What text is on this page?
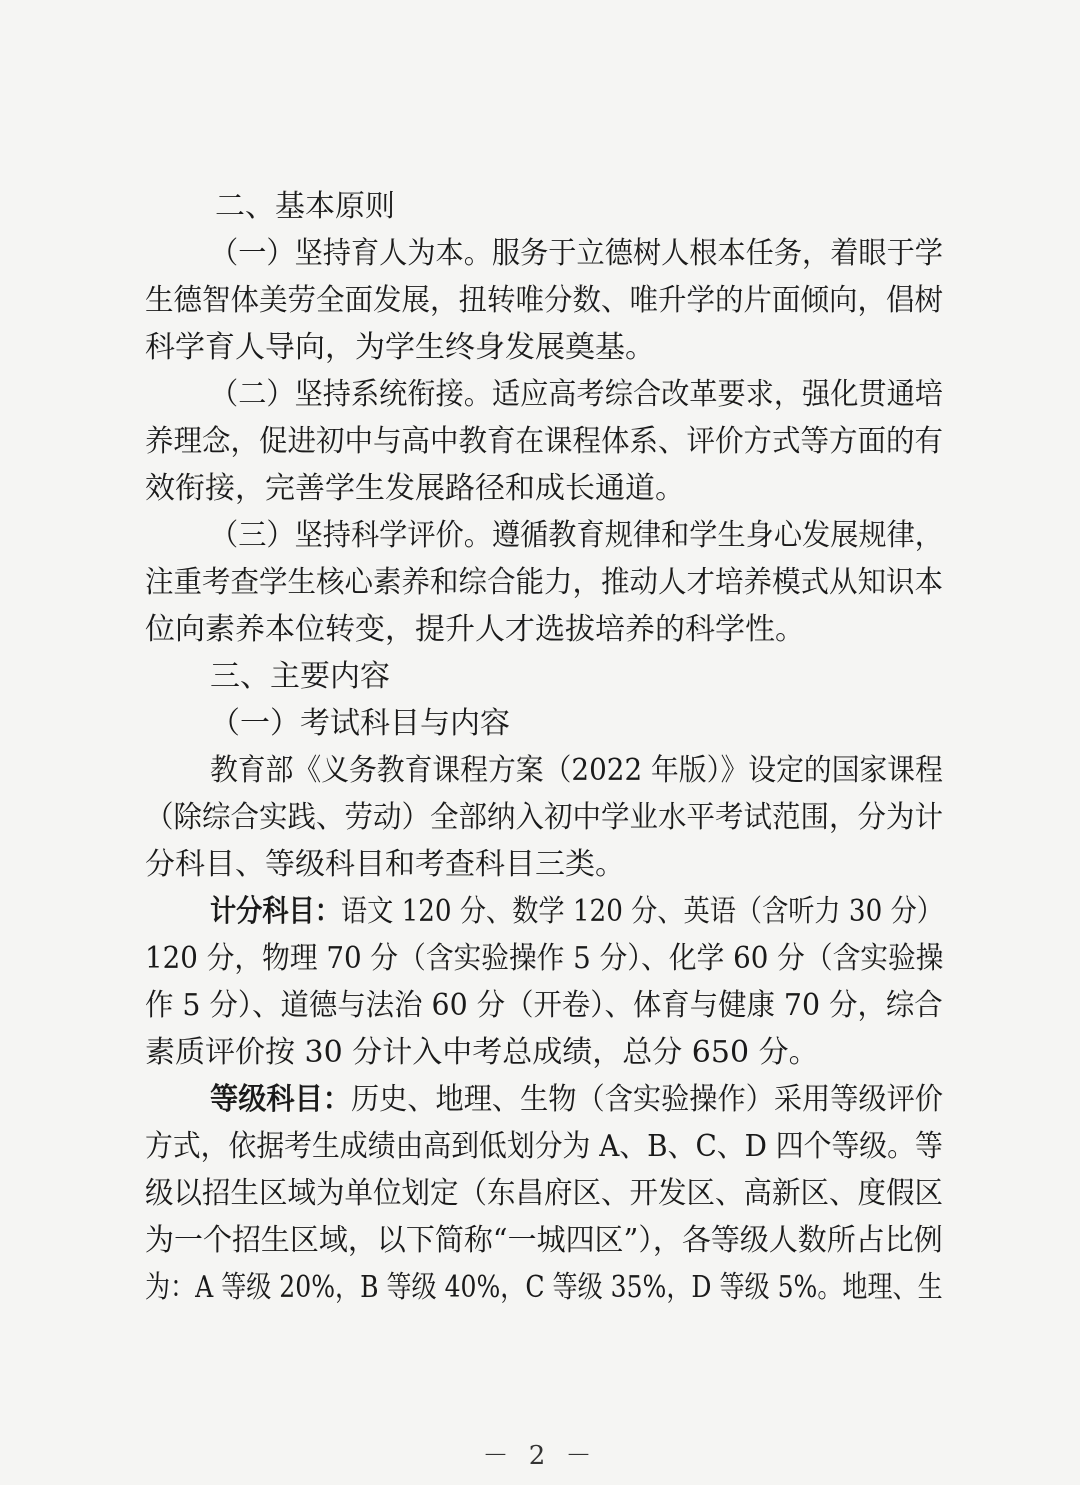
二、基本原则
（一）坚持育人为本。服务于立德树人根本任务，着眼于学
生德智体美劳全面发展，扭转唯分数、唯升学的片面倾向，倡树
科学育人导向，为学生终身发展奠基。
（二）坚持系统衔接。适应高考综合改革要求，强化贯通培
养理念，促进初中与高中教育在课程体系、评价方式等方面的有
效衔接，完善学生发展路径和成长通道。
（三）坚持科学评价。遵循教育规律和学生身心发展规律，
注重考查学生核心素养和综合能力，推动人才培养模式从知识本
位向素养本位转变，提升人才选拔培养的科学性。
三、主要内容
（一）考试科目与内容
教育部《义务教育课程方案（2022 年版）》设定的国家课程
（除综合实践、劳动）全部纳入初中学业水平考试范围，分为计
分科目、等级科目和考查科目三类。
计分科目：语文 120 分、数学 120 分、英语（含听力 30 分）
120 分，物理 70 分（含实验操作 5 分）、化学 60 分（含实验操
作 5 分）、道德与法治 60 分（开卷）、体育与健康 70 分，综合
素质评价按 30 分计入中考总成绩，总分 650 分。
等级科目：历史、地理、生物（含实验操作）采用等级评价
方式，依据考生成绩由高到低划分为 A、B、C、D 四个等级。等
级以招生区域为单位划定（东昌府区、开发区、高新区、度假区
为一个招生区域，以下简称“一城四区”），各等级人数所占比例
为：A 等级 20%，B 等级 40%，C 等级 35%，D 等级 5%。地理、生
－ 2 －
